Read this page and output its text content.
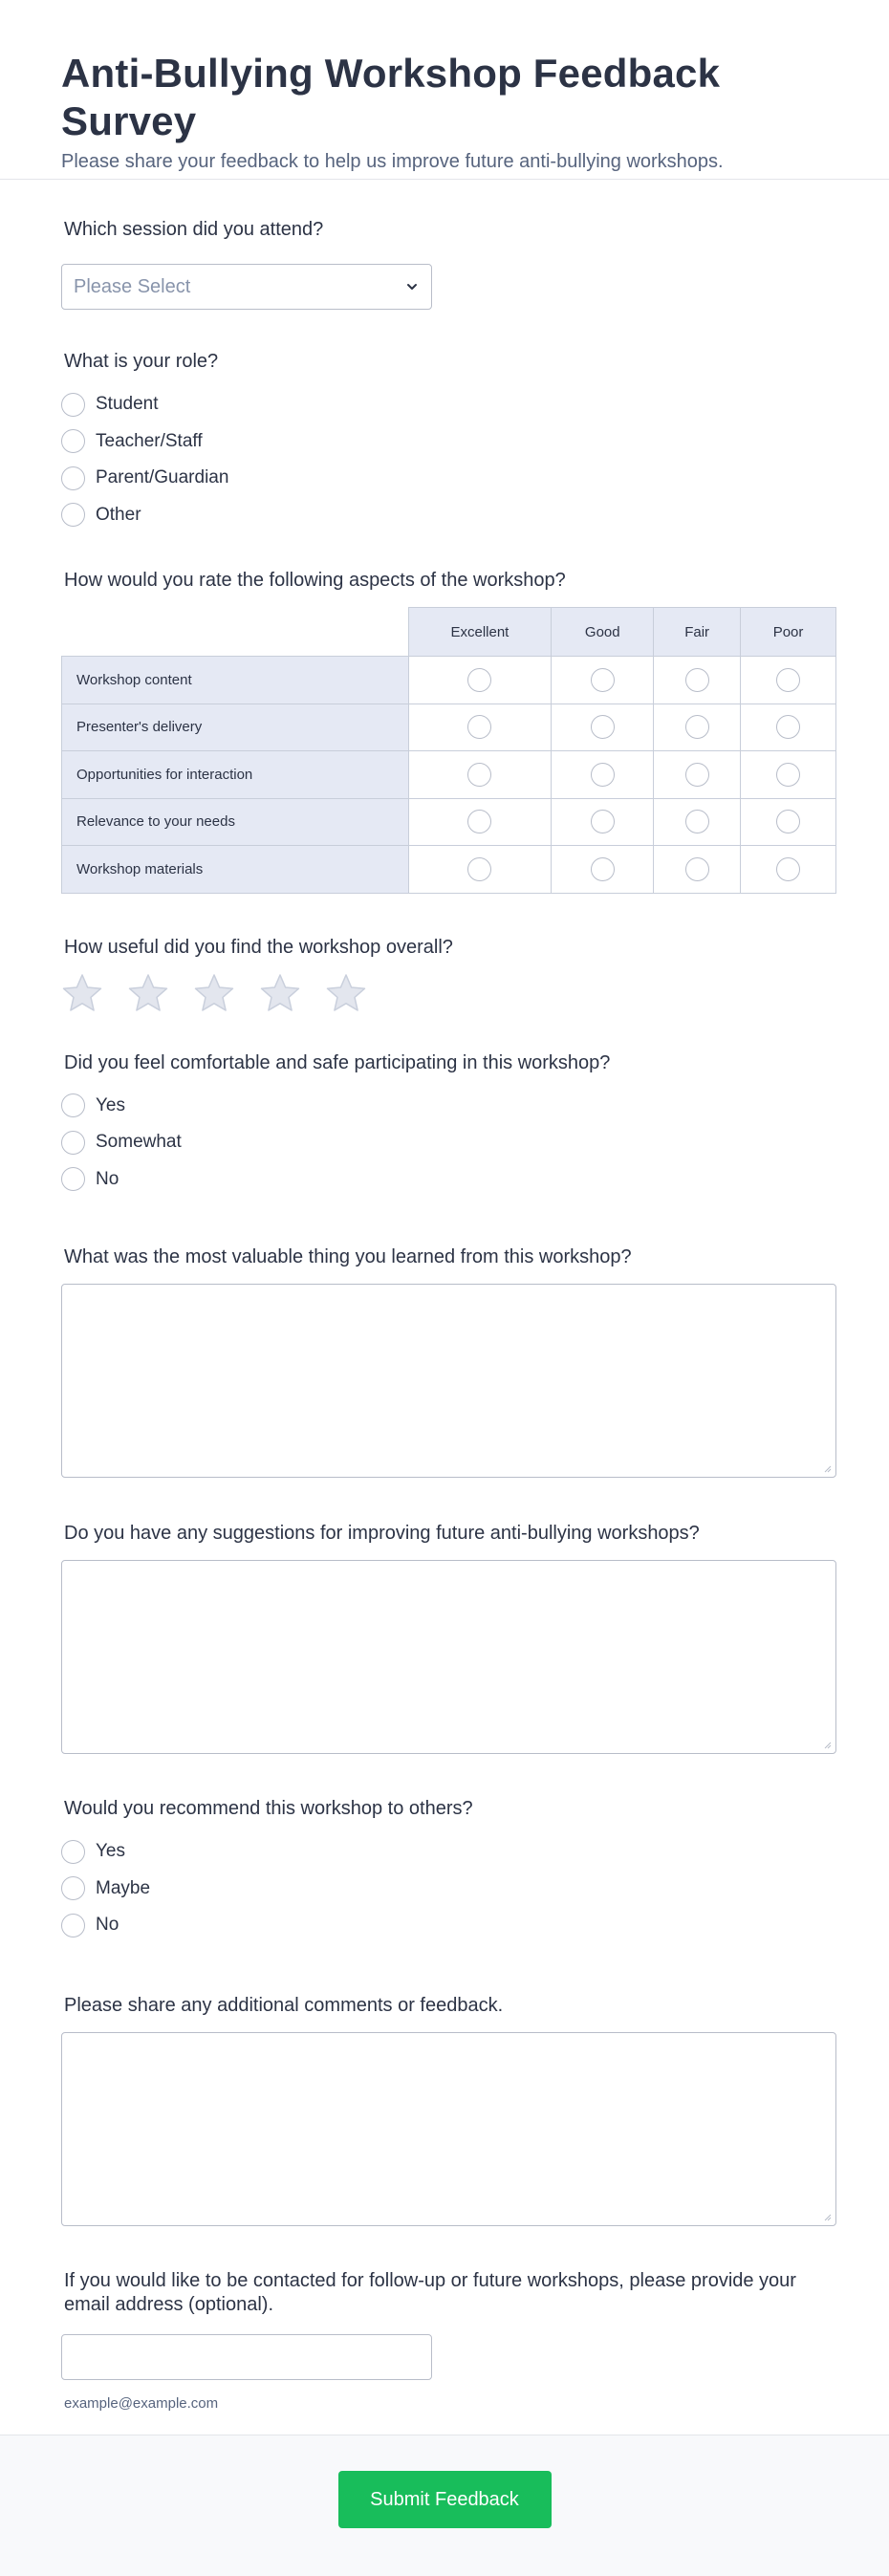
Anti-Bullying Workshop Feedback Survey

Please share your feedback to help us improve future anti-bullying workshops.

Which session did you attend?
Please Select
What is your role?
Student
Teacher/Staff
Parent/Guardian
Other
How would you rate the following aspects of the workshop?
	Excellent	Good	Fair	Poor
Workshop content				
Presenter's delivery				
Opportunities for interaction				
Relevance to your needs				
Workshop materials				
How useful did you find the workshop overall?
Did you feel comfortable and safe participating in this workshop?
Yes
Somewhat
No
What was the most valuable thing you learned from this workshop?
Do you have any suggestions for improving future anti-bullying workshops?
Would you recommend this workshop to others?
Yes
Maybe
No
Please share any additional comments or feedback.
If you would like to be contacted for follow-up or future workshops, please provide your email address (optional).
example@example.com
Submit Feedback
